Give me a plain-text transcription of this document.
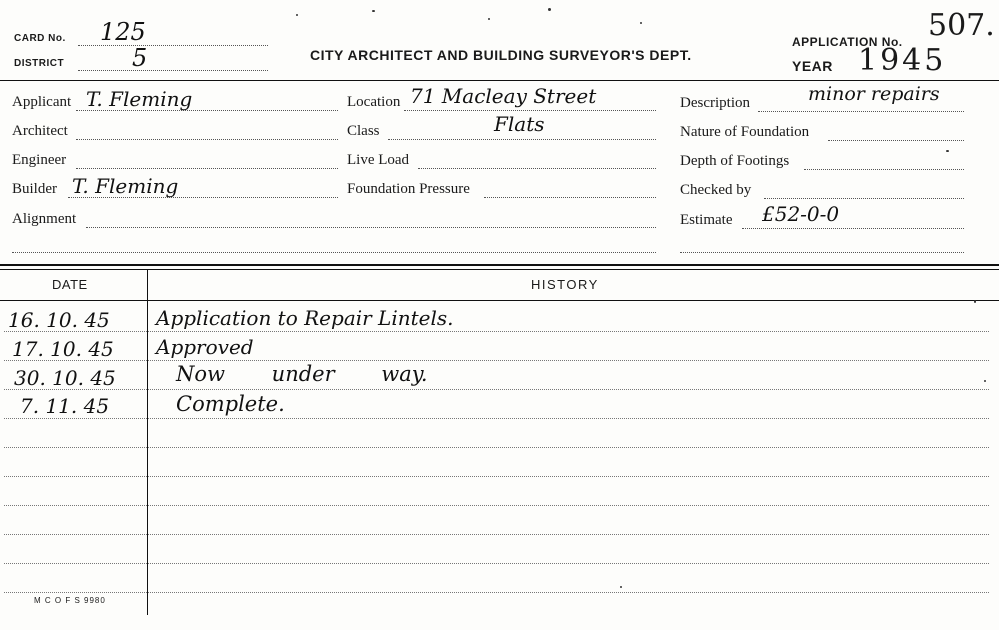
CARD No. 125
DISTRICT	5	CITY ARCHITECT AND BUILDING SURVEYOR'S DEPT.
APPLICATION No. 507.
YEAR 1945
Applicant T. Fleming
Architect
Engineer
Builder T. Fleming
Alignment
Location 71 Macleay Street
Class	Flats
Live Load
Foundation Pressure
Description	minor repairs
Nature of Foundation
Depth of Footings
Checked by
Estimate £52-0-0
DATE	HISTORY
16. 10. 45 Application to Repair Lintels.
17. 10. 45 Approved
30. 10. 45	Now under way.
7. 11. 45	Complete.
M C O F S 9980
